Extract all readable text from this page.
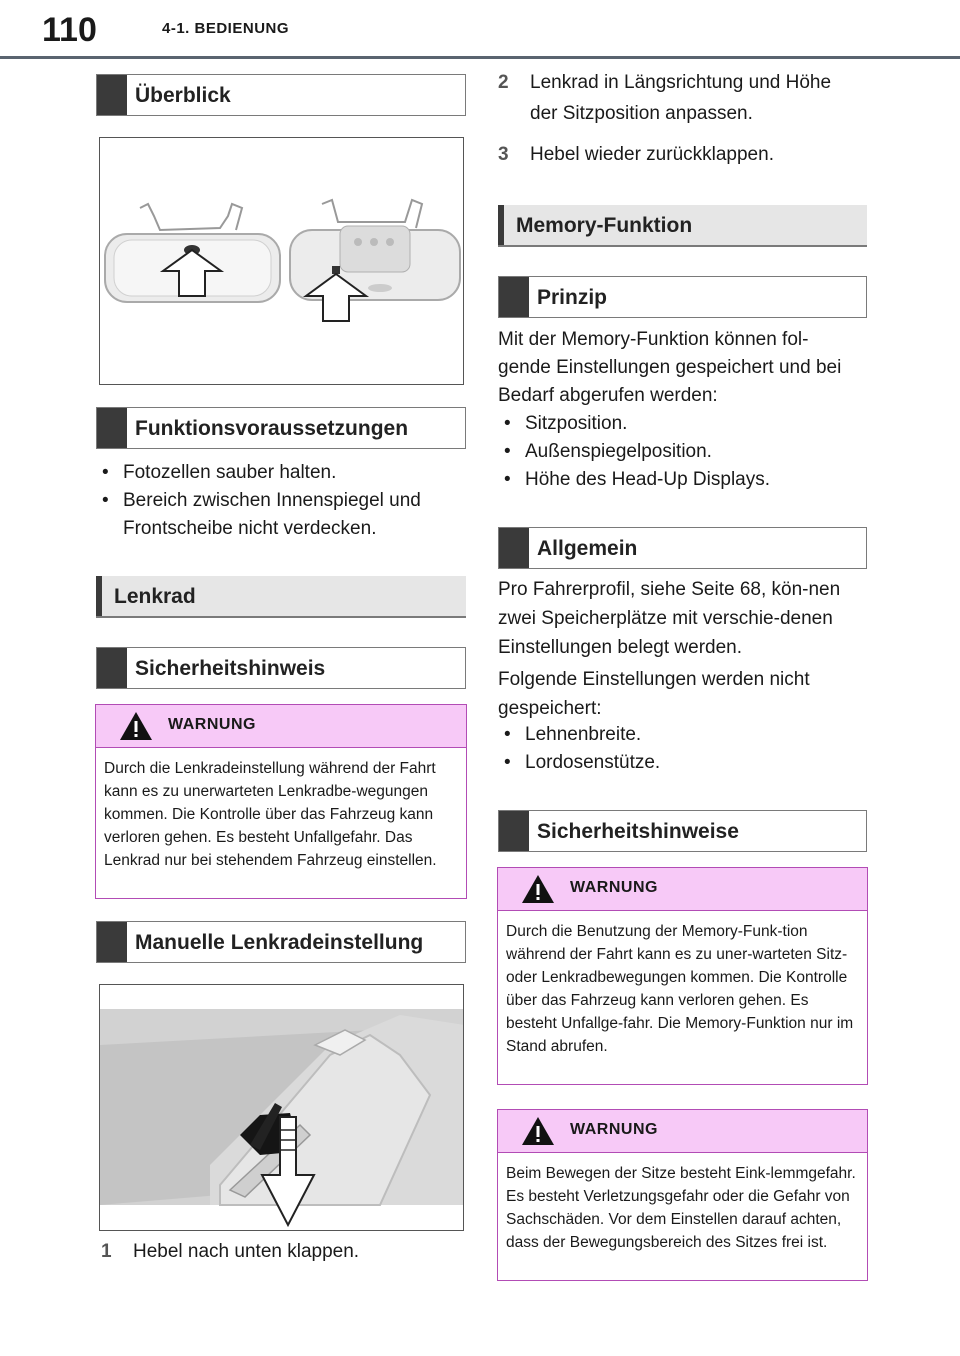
110	4-1. BEDIENUNG
Überblick
Funktionsvoraussetzungen
• Fotozellen sauber halten.
• Bereich zwischen Innenspiegel und Frontscheibe nicht verdecken.
Lenkrad
Sicherheitshinweis
WARNUNG
Durch die Lenkradeinstellung während der Fahrt kann es zu unerwarteten Lenkradbe-wegungen kommen. Die Kontrolle über das Fahrzeug kann verloren gehen. Es besteht Unfallgefahr. Das Lenkrad nur bei stehendem Fahrzeug einstellen.
Manuelle Lenkradeinstellung
1 Hebel nach unten klappen.
2 Lenkrad in Längsrichtung und Höhe
der Sitzposition anpassen.
3 Hebel wieder zurückklappen.
Memory-Funktion
Prinzip
Mit der Memory-Funktion können fol-gende Einstellungen gespeichert und bei Bedarf abgerufen werden:
• Sitzposition.
• Außenspiegelposition.
• Höhe des Head-Up Displays.
Allgemein
Pro Fahrerprofil, siehe Seite 68, kön-nen zwei Speicherplätze mit verschie-denen Einstellungen belegt werden.
Folgende Einstellungen werden nicht gespeichert:
• Lehnenbreite.
• Lordosenstütze.
Sicherheitshinweise
WARNUNG
Durch die Benutzung der Memory-Funk-tion während der Fahrt kann es zu uner-warteten Sitz- oder Lenkradbewegungen kommen. Die Kontrolle über das Fahrzeug kann verloren gehen. Es besteht Unfallge-fahr. Die Memory-Funktion nur im Stand abrufen.
WARNUNG
Beim Bewegen der Sitze besteht Eink-lemmgefahr. Es besteht Verletzungsgefahr oder die Gefahr von Sachschäden. Vor dem Einstellen darauf achten, dass der Bewegungsbereich des Sitzes frei ist.
